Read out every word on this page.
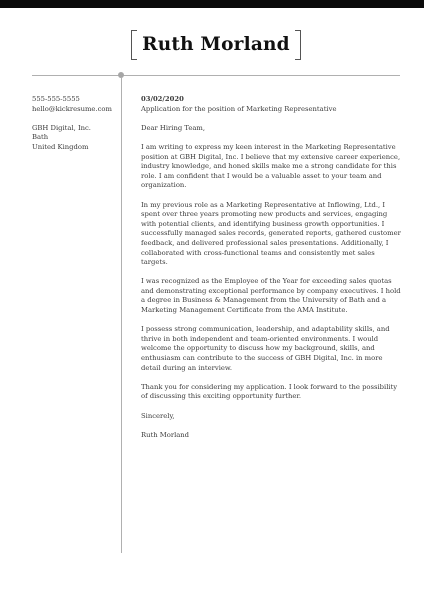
Ruth Morland
555-555-5555
hello@kickresume.com
GBH Digital, Inc.
Bath
United Kingdom
03/02/2020
Application for the position of Marketing Representative

Dear Hiring Team,

I am writing to express my keen interest in the Marketing Representative position at GBH Digital, Inc. I believe that my extensive career experience, industry knowledge, and honed skills make me a strong candidate for this role. I am confident that I would be a valuable asset to your team and organization.

In my previous role as a Marketing Representative at Inflowing, Ltd., I spent over three years promoting new products and services, engaging with potential clients, and identifying business growth opportunities. I successfully managed sales records, generated reports, gathered customer feedback, and delivered professional sales presentations. Additionally, I collaborated with cross-functional teams and consistently met sales targets.

I was recognized as the Employee of the Year for exceeding sales quotas and demonstrating exceptional performance by company executives. I hold a degree in Business & Management from the University of Bath and a Marketing Management Certificate from the AMA Institute.

I possess strong communication, leadership, and adaptability skills, and thrive in both independent and team-oriented environments. I would welcome the opportunity to discuss how my background, skills, and enthusiasm can contribute to the success of GBH Digital, Inc. in more detail during an interview.

Thank you for considering my application. I look forward to the possibility of discussing this exciting opportunity further.

Sincerely,

Ruth Morland
